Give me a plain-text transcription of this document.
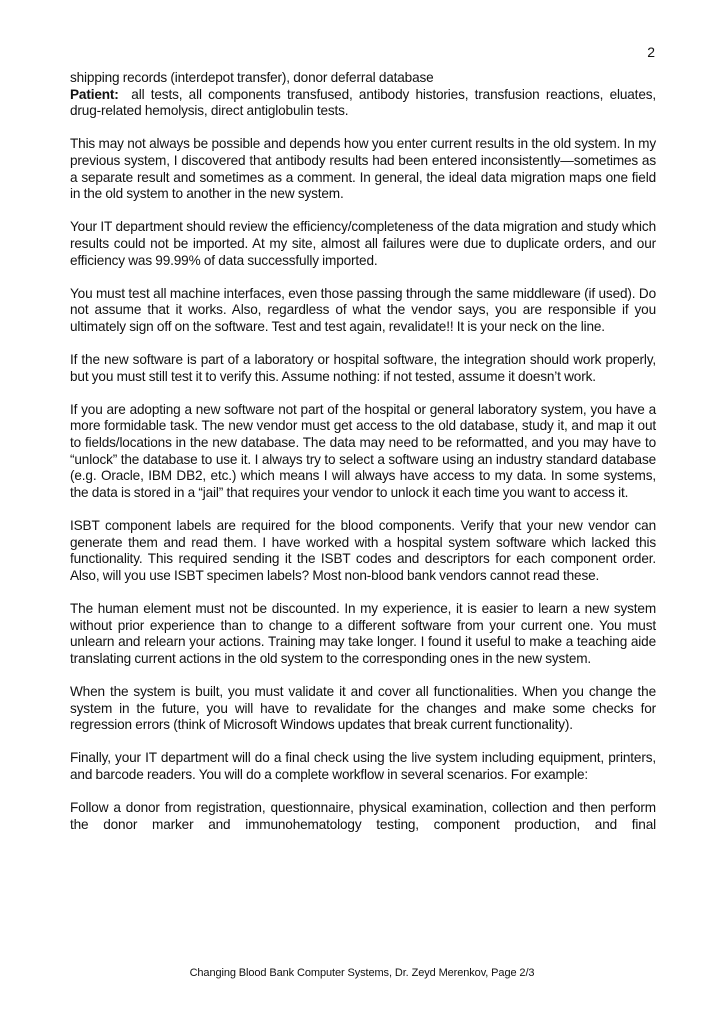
2

shipping records (interdepot transfer), donor deferral database

Patient:  all tests, all components transfused, antibody histories, transfusion reactions, eluates, drug-related hemolysis, direct antiglobulin tests.

This may not always be possible and depends how you enter current results in the old system. In my previous system, I discovered that antibody results had been entered inconsistently—sometimes as a separate result and sometimes as a comment. In general, the ideal data migration maps one field in the old system to another in the new system.

Your IT department should review the efficiency/completeness of the data migration and study which results could not be imported. At my site, almost all failures were due to duplicate orders, and our efficiency was 99.99% of data successfully imported.

You must test all machine interfaces, even those passing through the same middleware (if used). Do not assume that it works. Also, regardless of what the vendor says, you are responsible if you ultimately sign off on the software. Test and test again, revalidate!! It is your neck on the line.

If the new software is part of a laboratory or hospital software, the integration should work properly, but you must still test it to verify this. Assume nothing: if not tested, assume it doesn’t work.

If you are adopting a new software not part of the hospital or general laboratory system, you have a more formidable task. The new vendor must get access to the old database, study it, and map it out to fields/locations in the new database. The data may need to be reformatted, and you may have to “unlock” the database to use it. I always try to select a software using an industry standard database (e.g. Oracle, IBM DB2, etc.) which means I will always have access to my data. In some systems, the data is stored in a “jail” that requires your vendor to unlock it each time you want to access it.

ISBT component labels are required for the blood components. Verify that your new vendor can generate them and read them. I have worked with a hospital system software which lacked this functionality. This required sending it the ISBT codes and descriptors for each component order. Also, will you use ISBT specimen labels? Most non-blood bank vendors cannot read these.

The human element must not be discounted. In my experience, it is easier to learn a new system without prior experience than to change to a different software from your current one. You must unlearn and relearn your actions. Training may take longer. I found it useful to make a teaching aide translating current actions in the old system to the corresponding ones in the new system.

When the system is built, you must validate it and cover all functionalities. When you change the system in the future, you will have to revalidate for the changes and make some checks for regression errors (think of Microsoft Windows updates that break current functionality).

Finally, your IT department will do a final check using the live system including equipment, printers, and barcode readers. You will do a complete workflow in several scenarios. For example:

Follow a donor from registration, questionnaire, physical examination, collection and then perform the donor marker and immunohematology testing, component production, and final

Changing Blood Bank Computer Systems, Dr. Zeyd Merenkov, Page 2/3
